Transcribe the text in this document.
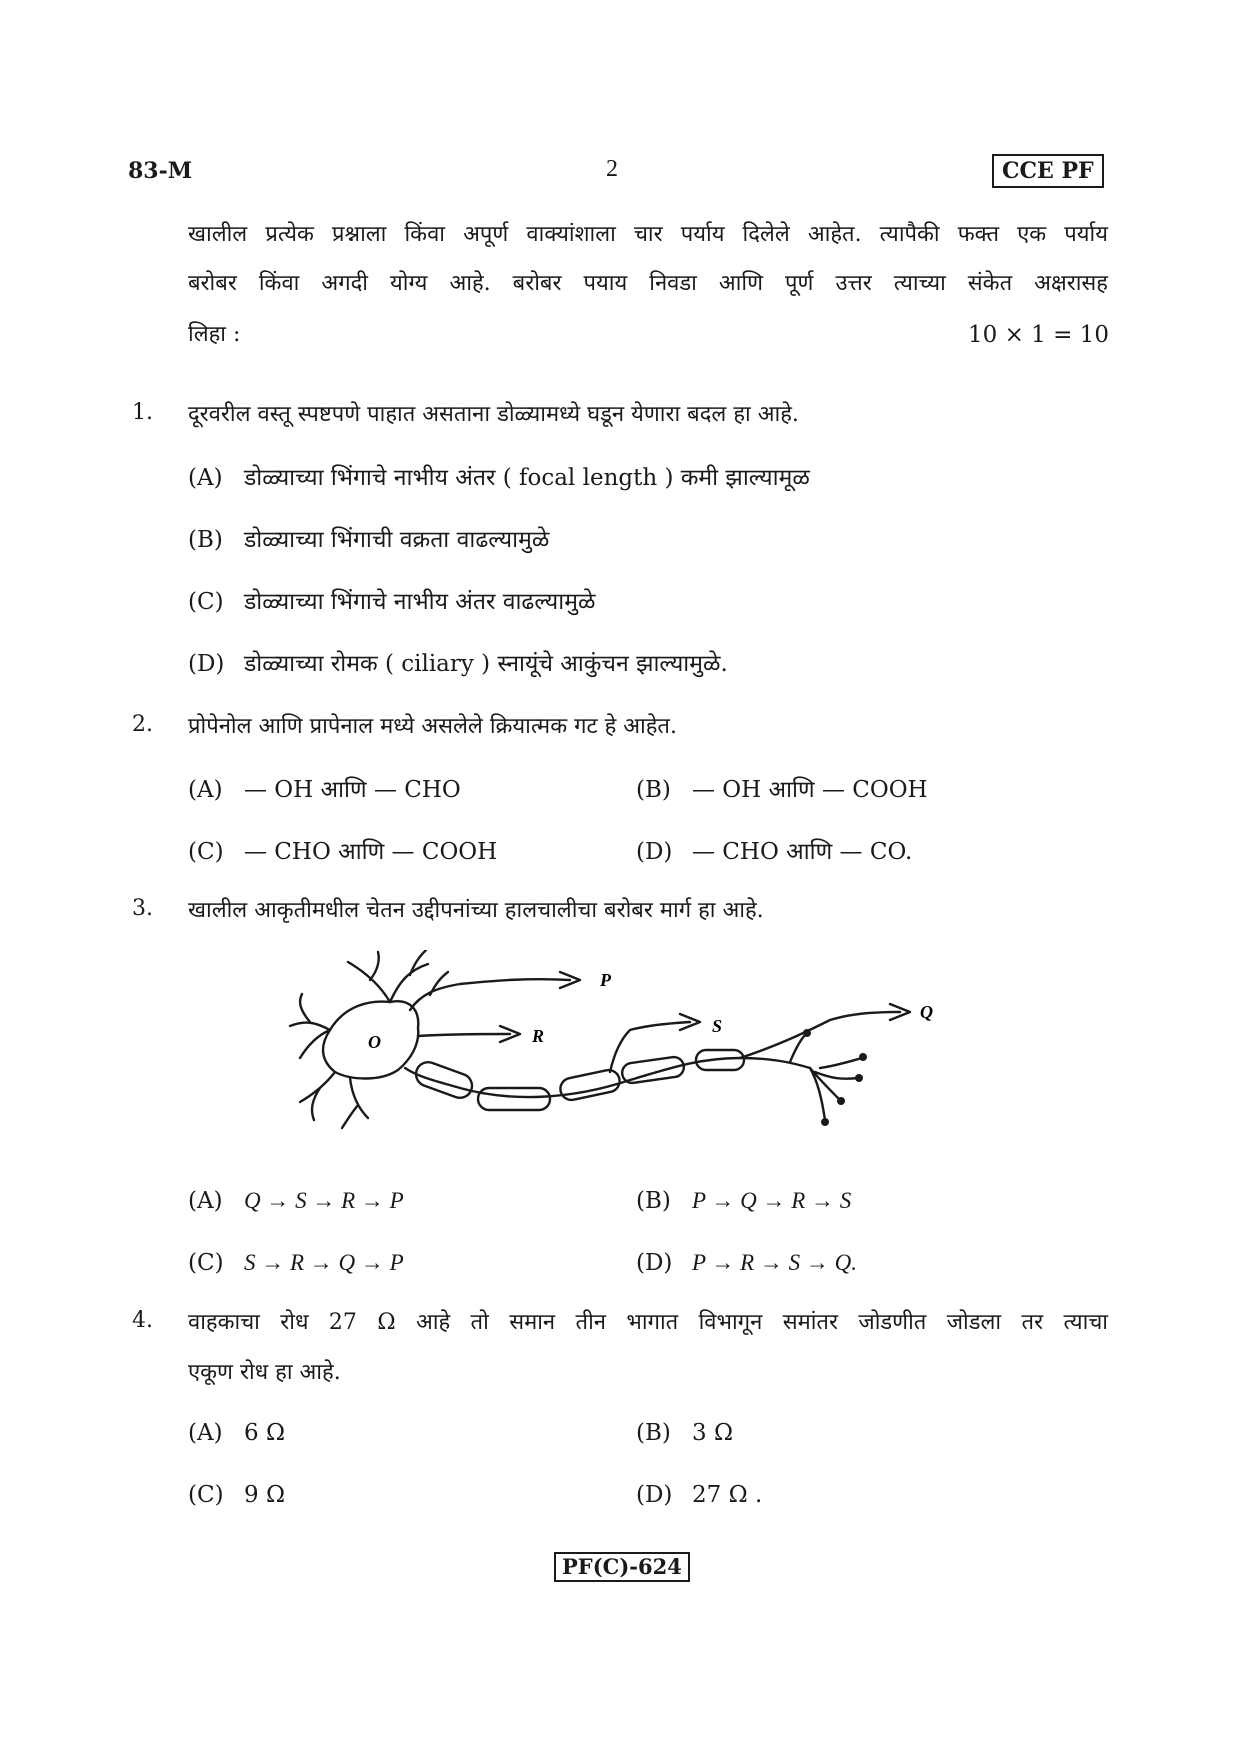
83-M	2	CCE PF
खालील प्रत्येक प्रश्नाला किंवा अपूर्ण वाक्यांशाला चार पर्याय दिलेले आहेत. त्यापैकी फक्त एक पर्याय
बरोबर किंवा अगदी योग्य आहे. बरोबर पयाय निवडा आणि पूर्ण उत्तर त्याच्या संकेत अक्षरासह
लिहा :	10 × 1 = 10
1. दूरवरील वस्तू स्पष्टपणे पाहात असताना डोळ्यामध्ये घडून येणारा बदल हा आहे.
(A) डोळ्याच्या भिंगाचे नाभीय अंतर ( focal length ) कमी झाल्यामूळ
(B) डोळ्याच्या भिंगाची वक्रता वाढल्यामुळे
(C) डोळ्याच्या भिंगाचे नाभीय अंतर वाढल्यामुळे
(D) डोळ्याच्या रोमक ( ciliary ) स्नायूंचे आकुंचन झाल्यामुळे.
2. प्रोपेनोल आणि प्रापेनाल मध्ये असलेले क्रियात्मक गट हे आहेत.
(A) — OH आणि — CHO	(B) — OH आणि — COOH
(C) — CHO आणि — COOH	(D) — CHO आणि — CO.
3. खालील आकृतीमधील चेतन उद्दीपनांच्या हालचालीचा बरोबर मार्ग हा आहे.
O
P
R	S
Q
(A) Q → S → R → P	(B) P → Q → R → S
(C) S → R → Q → P	(D) P → R → S → Q.
4. वाहकाचा रोध 27 Ω आहे तो समान तीन भागात विभागून समांतर जोडणीत जोडला तर त्याचा
एकूण रोध हा आहे.
(A) 6 Ω	(B) 3 Ω
(C) 9 Ω	(D) 27 Ω .
PF(C)-624
